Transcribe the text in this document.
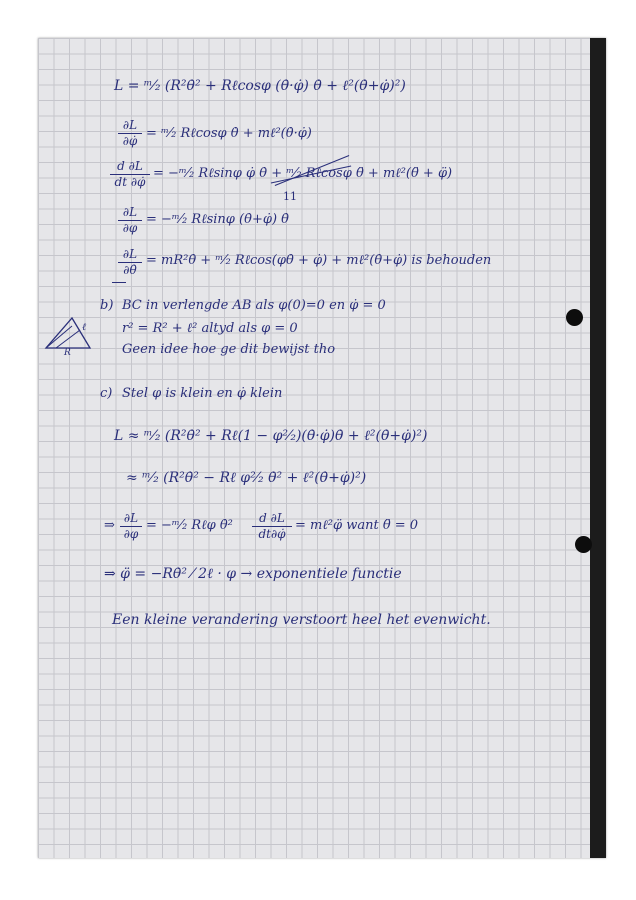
L = ᵐ⁄₂ (R²θ̇² + Rℓcosφ (θ̇·φ̇) θ̇ + ℓ²(θ̇+φ̇)²)
∂L
∂φ̇ = ᵐ⁄₂ Rℓcosφ θ̇ + mℓ²(θ̇·φ̇)
d ∂L
dt ∂φ̇
= −ᵐ⁄₂ Rℓsinφ φ̇ θ̇ + ᵐ⁄₂ Rℓcosφ θ̈ + mℓ²(θ̈ + φ̈)
11
∂L
∂φ
= −ᵐ⁄₂ Rℓsinφ (θ̇+φ̇) θ̇
∂L
∂θ̇
= mR²θ̇ + ᵐ⁄₂ Rℓcos(φθ̇ + φ̇) + mℓ²(θ̇+φ̇) is behouden
b) BC in verlengde AB als φ(0)=0 en φ̇ = 0
r² = R² + ℓ² altyd als φ = 0
Geen idee hoe ge dit bewijst tho
ℓ
R
c) Stel φ is klein en φ̇ klein
L ≈ ᵐ⁄₂ (R²θ̇² + Rℓ(1 − φ²⁄₂)(θ̇·φ̇)θ̇ + ℓ²(θ̇+φ̇)²)
≈ ᵐ⁄₂ (R²θ̇² − Rℓ φ²⁄₂ θ̇² + ℓ²(θ̇+φ̇)²)
⇒ ∂L
∂φ
= −ᵐ⁄₂ Rℓφ θ̇²	d ∂L
dt∂φ̇
= mℓ²φ̈ want θ̈ = 0
⇒ φ̈ = −Rθ̇² ⁄ 2ℓ · φ → exponentiele functie
Een kleine verandering verstoort heel het evenwicht.
